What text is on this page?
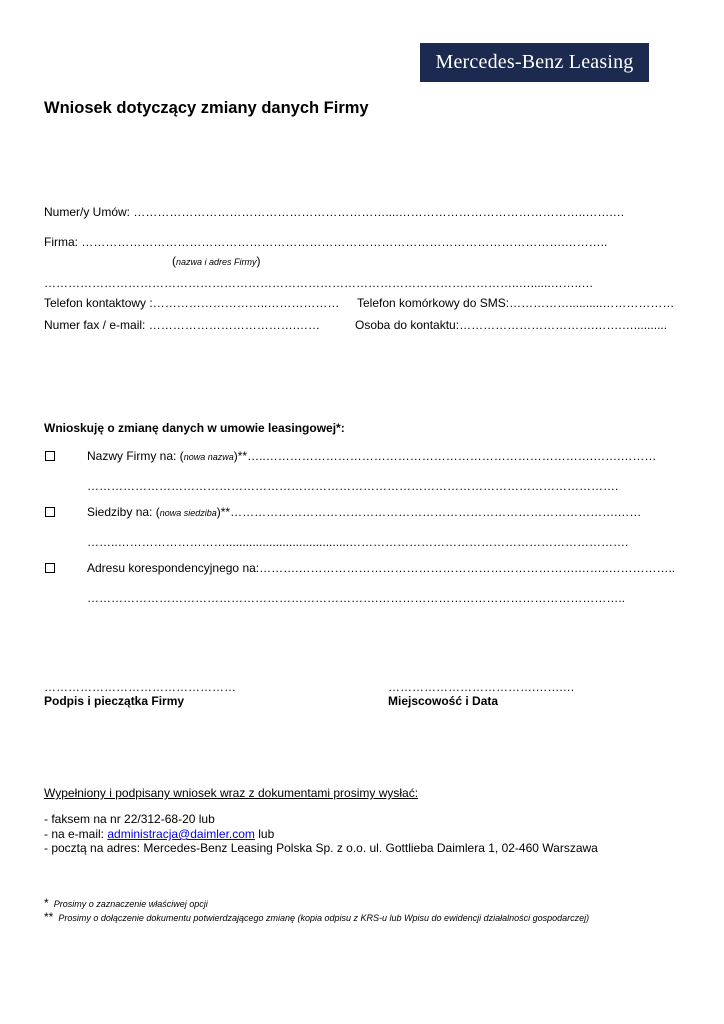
Mercedes-Benz Leasing
Wniosek dotyczący zmiany danych Firmy
Numer/y Umów: ………………………………………………………....………………………………………..…….…
Firma: ………………………………………………………………………………………………………….………..
(nazwa i adres Firmy)
………………………………………………………………………………………………………..…......……..…
Telefon kontaktowy :………………………..……………… Telefon komórkowy do SMS:……………..........………………
Numer fax / e-mail: ……………………………….……	Osoba do kontaktu:…………………………….…….…..........
Wnioskuję o zmianę danych w umowie leasingowej*:
Nazwy Firmy na: (nowa nazwa)**…..……………………………………………………………………….…….………
…………………………………………………………………………………………………………………….
Siedziby na: (nowa siedziba)**…………………………………………………………………………………….……
……..……………………….....................................…………………………………………………………….
Adresu korespondencyjnego na:……….…………………………………………………………….……..……………..
……………………………………………………………….……………………………………………………..
…………………………………………
Podpis i pieczątka Firmy
……………………………….…….…
Miejscowość i Data
Wypełniony i podpisany wniosek wraz z dokumentami prosimy wysłać:
- faksem na nr 22/312-68-20 lub
- na e-mail: administracja@daimler.com lub
- pocztą na adres: Mercedes-Benz Leasing Polska Sp. z o.o. ul. Gottlieba Daimlera 1, 02-460 Warszawa
* Prosimy o zaznaczenie właściwej opcji
** Prosimy o dołączenie dokumentu potwierdzającego zmianę (kopia odpisu z KRS-u lub Wpisu do ewidencji działalności gospodarczej)
